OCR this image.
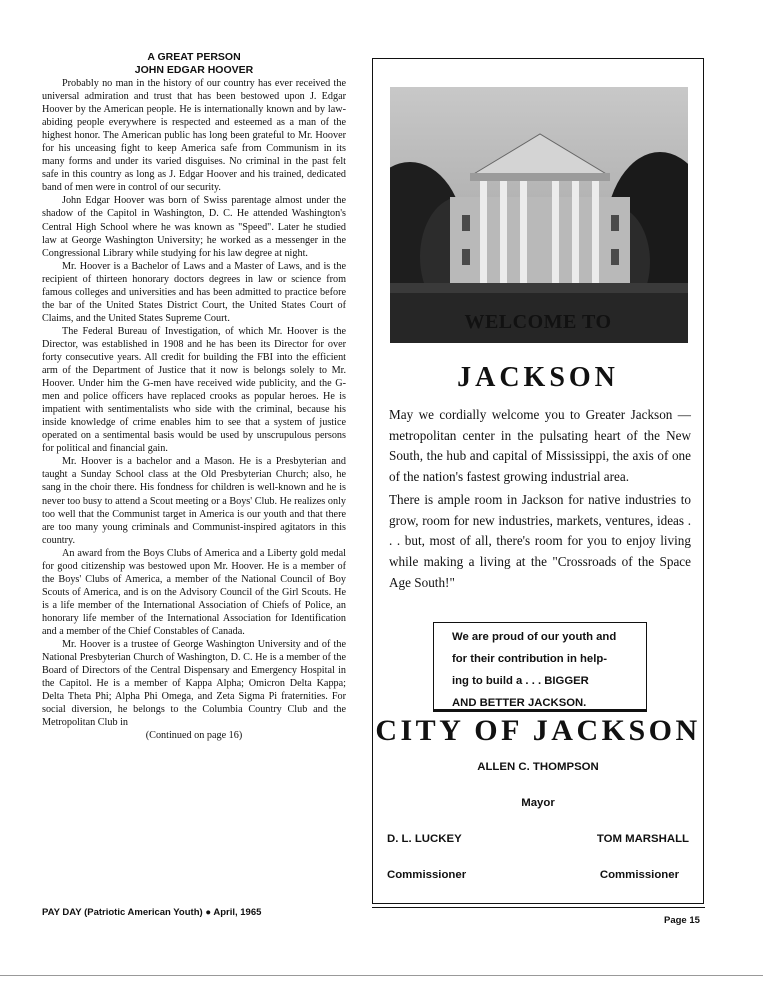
A GREAT PERSON
JOHN EDGAR HOOVER

Probably no man in the history of our country has ever received the universal admiration and trust that has been bestowed upon J. Edgar Hoover by the American people. He is internationally known and by law-abiding people everywhere is respected and esteemed as a man of the highest honor. The American public has long been grateful to Mr. Hoover for his unceasing fight to keep America safe from Communism in its many forms and under its varied disguises. No criminal in the past felt safe in this country as long as J. Edgar Hoover and his trained, dedicated band of men were in control of our security.

John Edgar Hoover was born of Swiss parentage almost under the shadow of the Capitol in Washington, D. C. He attended Washington's Central High School where he was known as "Speed". Later he studied law at George Washington University; he worked as a messenger in the Congressional Library while studying for his law degree at night.

Mr. Hoover is a Bachelor of Laws and a Master of Laws, and is the recipient of thirteen honorary doctors degrees in law or science from famous colleges and universities and has been admitted to practice before the bar of the United States District Court, the United States Court of Claims, and the United States Supreme Court.

The Federal Bureau of Investigation, of which Mr. Hoover is the Director, was established in 1908 and he has been its Director for over forty consecutive years. All credit for building the FBI into the efficient arm of the Department of Justice that it now is belongs solely to Mr. Hoover. Under him the G-men have received wide publicity, and the G-men and police officers have replaced crooks as popular heroes. He is impatient with sentimentalists who side with the criminal, because his inside knowledge of crime enables him to see that a system of justice operated on a sentimental basis would be used by unscrupulous persons for political and financial gain.

Mr. Hoover is a bachelor and a Mason. He is a Presbyterian and taught a Sunday School class at the Old Presbyterian Church; also, he sang in the choir there. His fondness for children is well-known and he is never too busy to attend a Scout meeting or a Boys' Club. He realizes only too well that the Communist target in America is our youth and that there are too many young criminals and Communist-inspired agitators in this country.

An award from the Boys Clubs of America and a Liberty gold medal for good citizenship was bestowed upon Mr. Hoover. He is a member of the Boys' Clubs of America, a member of the National Council of Boy Scouts of America, and is on the Advisory Council of the Girl Scouts. He is a life member of the International Association of Chiefs of Police, an honorary life member of the International Association for Identification and a member of the Chief Constables of Canada.

Mr. Hoover is a trustee of George Washington University and of the National Presbyterian Church of Washington, D. C. He is a member of the Board of Directors of the Central Dispensary and Emergency Hospital in the Capitol. He is a member of Kappa Alpha; Omicron Delta Kappa; Delta Theta Phi; Alpha Phi Omega, and Zeta Sigma Pi fraternities. For social diversion, he belongs to the Columbia Country Club and the Metropolitan Club in

(Continued on page 16)

WELCOME TO
JACKSON

May we cordially welcome you to Greater Jackson —metropolitan center in the pulsating heart of the New South, the hub and capital of Mississippi, the axis of one of the nation's fastest growing industrial area.

There is ample room in Jackson for native industries to grow, room for new industries, markets, ventures, ideas . . . but, most of all, there's room for you to enjoy living while making a living at the "Crossroads of the Space Age South!"

We are proud of our youth and
for their contribution in help-
ing to build a . . . BIGGER
AND BETTER JACKSON.
CITY OF JACKSON
ALLEN C. THOMPSON
Mayor
D. L. LUCKEY	TOM MARSHALL
Commissioner	Commissioner
PAY DAY (Patriotic American Youth) ● April, 1965
Page 15
